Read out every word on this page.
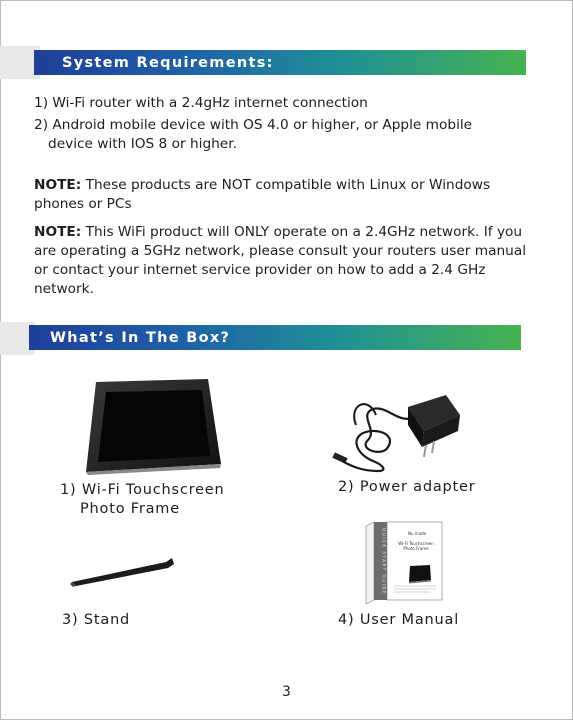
System Requirements:
1) Wi-Fi router with a 2.4gHz internet connection
2) Android mobile device with OS 4.0 or higher, or Apple mobile
device with IOS 8 or higher.
NOTE: These products are NOT compatible with Linux or Windows phones or PCs
NOTE: This WiFi product will ONLY operate on a 2.4GHz network. If you are operating a 5GHz network, please consult your routers user manual or contact your internet service provider on how to add a 2.4 GHz network.
What’s In The Box?
1) Wi-Fi Touchscreen
Photo Frame
2) Power adapter
Nu made
Wi-Fi Touchscreen
Photo Frame
QUICK START GUIDE
3) Stand	4) User Manual
3
